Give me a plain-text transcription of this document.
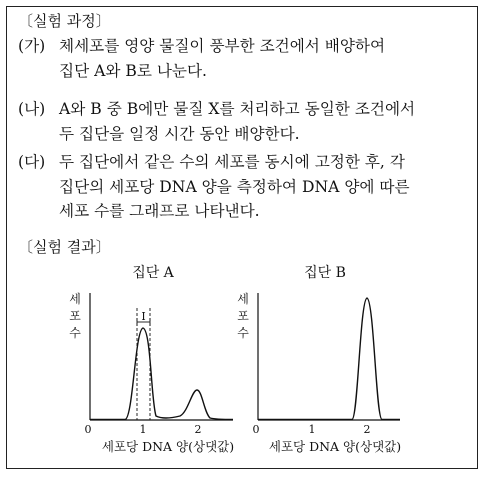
〔실험 과정〕
(가) 체세포를 영양 물질이 풍부한 조건에서 배양하여
집단 A와 B로 나눈다.
(나) A와 B 중 B에만 물질 X를 처리하고 동일한 조건에서
두 집단을 일정 시간 동안 배양한다.
(다) 두 집단에서 같은 수의 세포를 동시에 고정한 후, 각
집단의 세포당 DNA 양을 측정하여 DNA 양에 따른
세포 수를 그래프로 나타낸다.
〔실험 결과〕
집단 A
세
포
수
Ⅰ
0	1	2
세포당 DNA 양(상댓값)
집단 B
세
포
수
0	1	2
세포당 DNA 양(상댓값)
